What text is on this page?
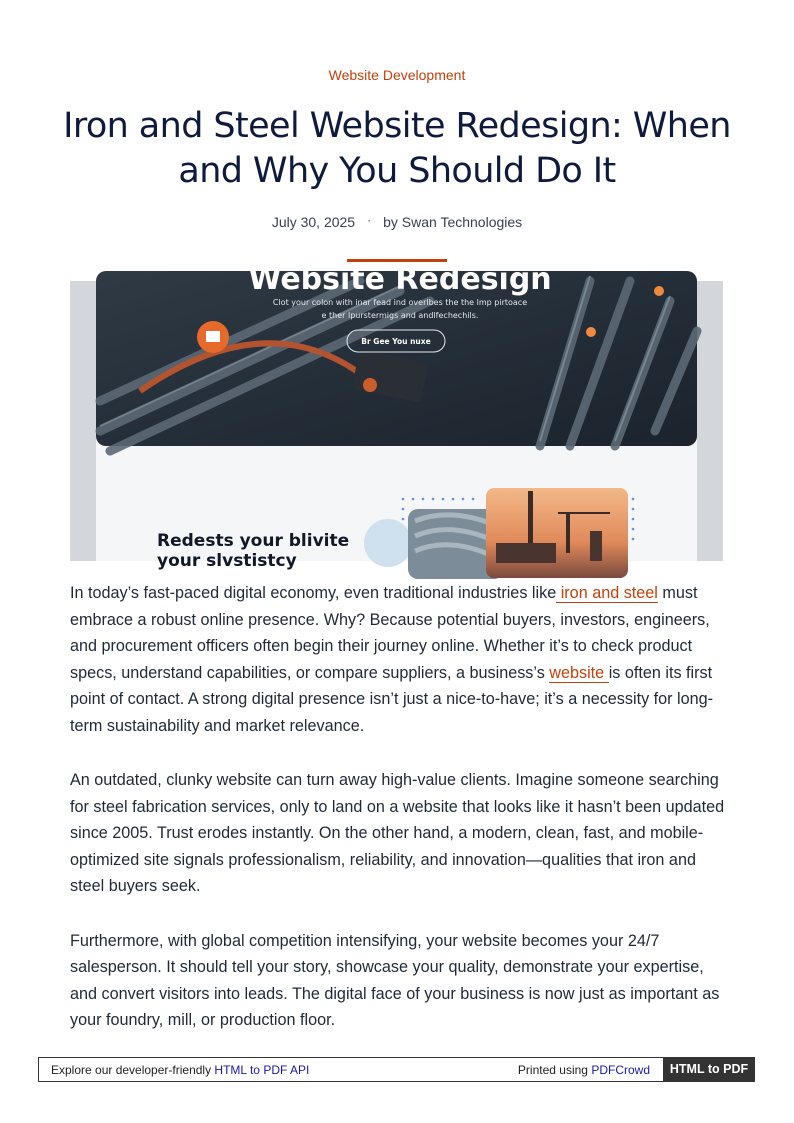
Website Development
Iron and Steel Website Redesign: When and Why You Should Do It
July 30, 2025 · by Swan Technologies
Website Redesign
Clot your colon with inar fead ind overlbes the the lmp pirtoace
e ther lpurstermigs and andlfechechils.
Br Gee You nuxe
Redests your blivite
your slvstistcy

In today’s fast-paced digital economy, even traditional industries like iron and steel must embrace a robust online presence. Why? Because potential buyers, investors, engineers, and procurement officers often begin their journey online. Whether it’s to check product specs, understand capabilities, or compare suppliers, a business’s website is often its first point of contact. A strong digital presence isn’t just a nice-to-have; it’s a necessity for long-term sustainability and market relevance.

An outdated, clunky website can turn away high-value clients. Imagine someone searching for steel fabrication services, only to land on a website that looks like it hasn’t been updated since 2005. Trust erodes instantly. On the other hand, a modern, clean, fast, and mobile-optimized site signals professionalism, reliability, and innovation—qualities that iron and steel buyers seek.

Furthermore, with global competition intensifying, your website becomes your 24/7 salesperson. It should tell your story, showcase your quality, demonstrate your expertise, and convert visitors into leads. The digital face of your business is now just as important as your foundry, mill, or production floor.

Explore our developer-friendly HTML to PDF API	Printed using PDFCrowd	HTML to PDF
